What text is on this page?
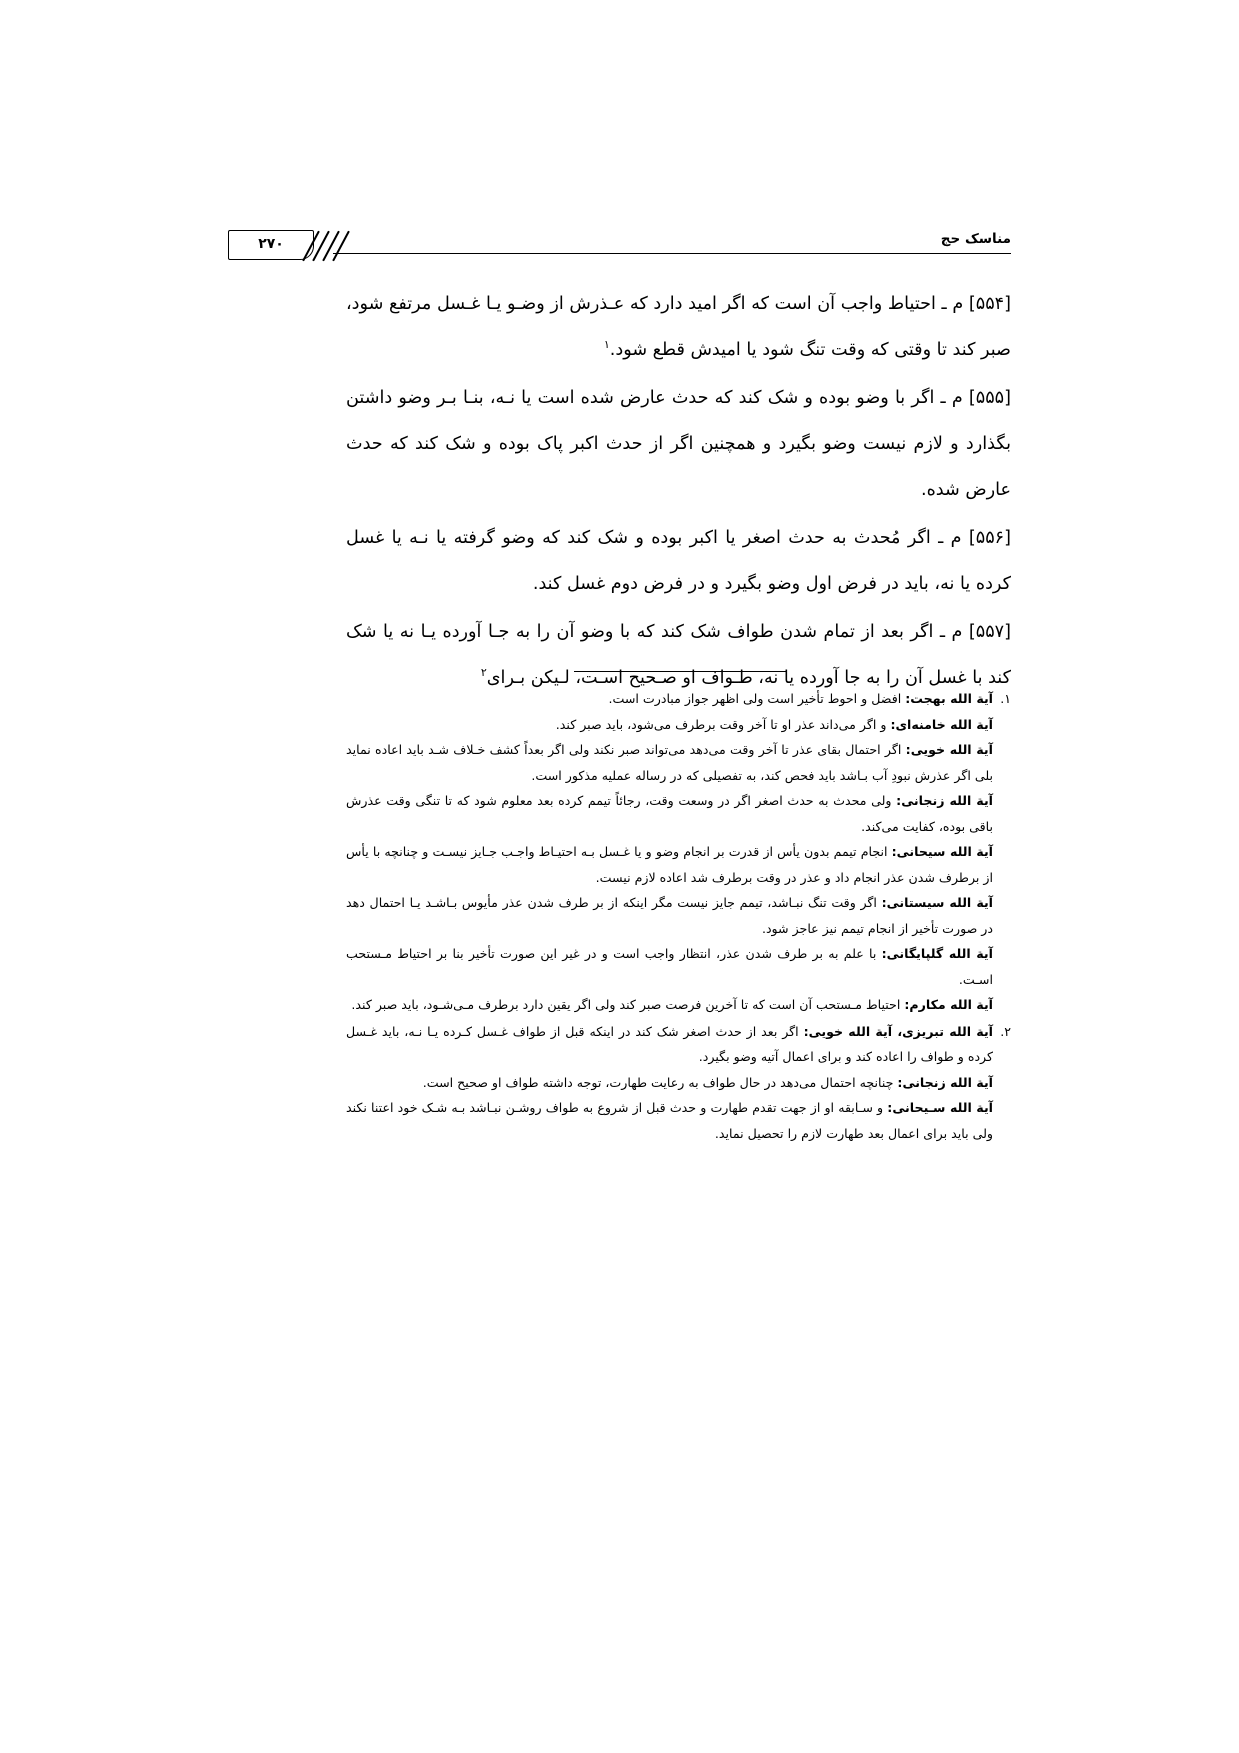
مناسک حج
۲۷۰

[۵۵۴] م ـ احتیاط واجب آن است که اگر امید دارد که عـذرش از وضـو یـا غـسل مرتفع شود، صبر کند تا وقتی که وقت تنگ شود یا امیدش قطع شود.$^۱$

[۵۵۵] م ـ اگر با وضو بوده و شک کند که حدث عارض شده است یا نـه، بنـا بـر وضو داشتن بگذارد و لازم نیست وضو بگیرد و همچنین اگر از حدث اکبر پاک بوده و شک کند که حدث عارض شده.

[۵۵۶] م ـ اگر مُحدث به حدث اصغر یا اکبر بوده و شک کند که وضو گرفته یا نـه یا غسل کرده یا نه، باید در فرض اول وضو بگیرد و در فرض دوم غسل کند.

[۵۵۷] م ـ اگر بعد از تمام شدن طواف شک کند که با وضو آن را به جـا آورده یـا نه یا شک کند با غسل آن را به جا آورده یا نه، طـواف او صـحیح اسـت، لـیکن بـرای$^۲$

۱.

آیة الله بهجت: افضل و احوط تأخیر است ولی اظهر جواز مبادرت است.

آیة الله خامنه‌ای: و اگر می‌داند عذر او تا آخر وقت برطرف می‌شود، باید صبر کند.

آیة الله خویی: اگر احتمال بقای عذر تا آخر وقت می‌دهد می‌تواند صبر نکند ولی اگر بعداً کشف خـلاف شـد باید اعاده نماید بلی اگر عذرش نبودِ آب بـاشد باید فحص کند، به تفصیلی که در رساله عملیه مذکور است.

آیة الله زنجانی: ولی محدث به حدث اصغر اگر در وسعت وقت، رجائاً تیمم کرده بعد معلوم شود که تا تنگی وقت عذرش باقی بوده، کفایت می‌کند.

آیة الله سیحانی: انجام تیمم بدون یأس از قدرت بر انجام وضو و یا غـسل بـه احتیـاط واجـب جـایز نیسـت و چنانچه با یأس از برطرف شدن عذر انجام داد و عذر در وقت برطرف شد اعاده لازم نیست.

آیة الله سیستانی: اگر وقت تنگ نبـاشد، تیمم جایز نیست مگر اینکه از بر طرف شدن عذر مأیوس بـاشـد یـا احتمال دهد در صورت تأخیر از انجام تیمم نیز عاجز شود.

آیة الله گلپایگانی: با علم به بر طرف شدن عذر، انتظار واجب است و در غیر این صورت تأخیر بنا بر احتیاط مـستحب اسـت.

آیة الله مکارم: احتیاط مـستحب آن است که تا آخرین فرصت صبر کند ولی اگر یقین دارد برطرف مـی‌شـود، باید صبر کند.

۲.

آیة الله تبریزی، آیة الله خویی: اگر بعد از حدث اصغر شک کند در اینکه قبل از طواف غـسل کـرده یـا نـه، باید غـسل کرده و طواف را اعاده کند و برای اعمال آتیه وضو بگیرد.

آیة الله زنجانی: چنانچه احتمال می‌دهد در حال طواف به رعایت طهارت، توجه داشته طواف او صحیح است.

آیة الله سـیحانی: و سـابقه او از جهت تقدم طهارت و حدث قبل از شروع به طواف روشـن نبـاشد بـه شـک خود اعتنا نکند ولی باید برای اعمال بعد طهارت لازم را تحصیل نماید.
